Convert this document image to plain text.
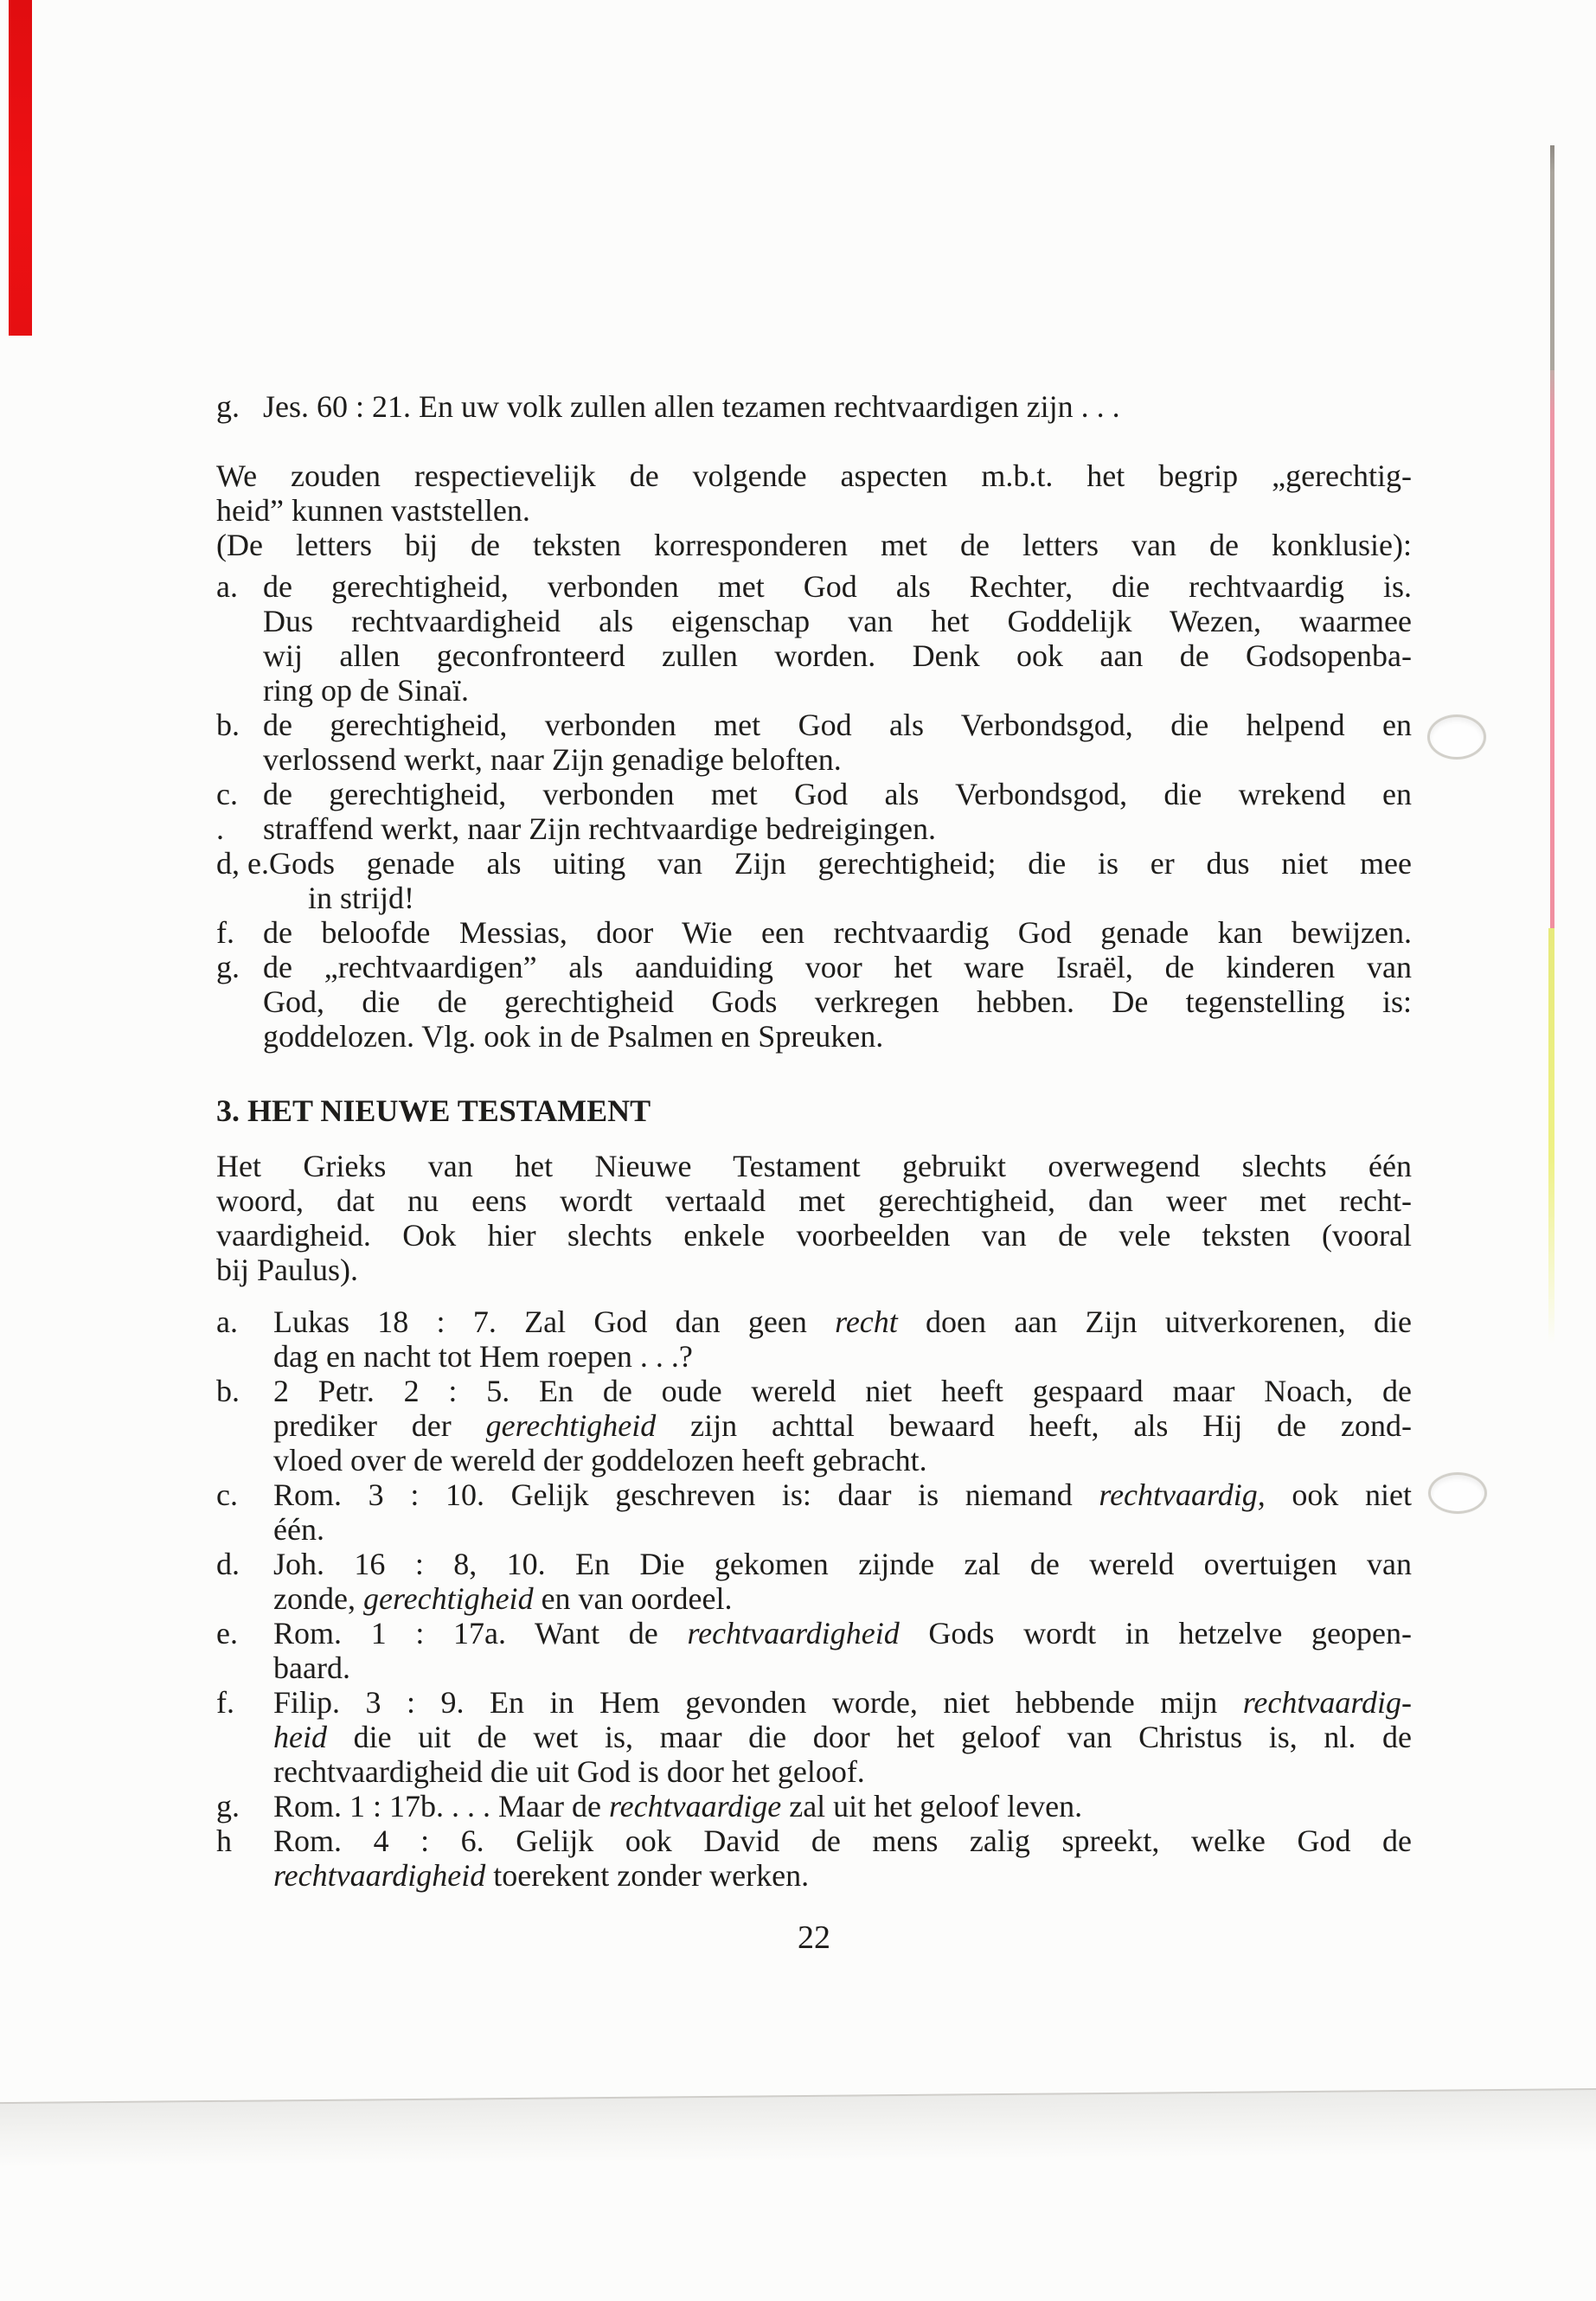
g. Jes. 60 : 21. En uw volk zullen allen tezamen rechtvaardigen zijn . . .
We zouden respectievelijk de volgende aspecten m.b.t. het begrip „gerechtig-
heid” kunnen vaststellen.
(De letters bij de teksten korresponderen met de letters van de konklusie):
a. de gerechtigheid, verbonden met God als Rechter, die rechtvaardig is.
Dus rechtvaardigheid als eigenschap van het Goddelijk Wezen, waarmee
wij allen geconfronteerd zullen worden. Denk ook aan de Godsopenba-
ring op de Sinaï.
b. de gerechtigheid, verbonden met God als Verbondsgod, die helpend en
verlossend werkt, naar Zijn genadige beloften.
c.
.
de gerechtigheid, verbonden met God als Verbondsgod, die wrekend en
straffend werkt, naar Zijn rechtvaardige bedreigingen.
d, e. Gods genade als uiting van Zijn gerechtigheid; die is er dus niet mee
in strijd!
f. de beloofde Messias, door Wie een rechtvaardig God genade kan bewijzen.
g. de „rechtvaardigen” als aanduiding voor het ware Israël, de kinderen van
God, die de gerechtigheid Gods verkregen hebben. De tegenstelling is:
goddelozen. Vlg. ook in de Psalmen en Spreuken.
3. HET NIEUWE TESTAMENT
Het Grieks van het Nieuwe Testament gebruikt overwegend slechts één
woord, dat nu eens wordt vertaald met gerechtigheid, dan weer met recht-
vaardigheid. Ook hier slechts enkele voorbeelden van de vele teksten (vooral
bij Paulus).
a.	Lukas 18 : 7. Zal God dan geen recht doen aan Zijn uitverkorenen, die
dag en nacht tot Hem roepen . . .?
b.	2 Petr. 2 : 5. En de oude wereld niet heeft gespaard maar Noach, de
prediker der gerechtigheid zijn achttal bewaard heeft, als Hij de zond-
vloed over de wereld der goddelozen heeft gebracht.
c.	Rom. 3 : 10. Gelijk geschreven is: daar is niemand rechtvaardig, ook niet
één.
d.	Joh. 16 : 8, 10. En Die gekomen zijnde zal de wereld overtuigen van
zonde, gerechtigheid en van oordeel.
e.	Rom. 1 : 17a. Want de rechtvaardigheid Gods wordt in hetzelve geopen-
baard.
f.	Filip. 3 : 9. En in Hem gevonden worde, niet hebbende mijn rechtvaardig-
heid die uit de wet is, maar die door het geloof van Christus is, nl. de
rechtvaardigheid die uit God is door het geloof.
g.	Rom. 1 : 17b. . . . Maar de rechtvaardige zal uit het geloof leven.
h	Rom. 4 : 6. Gelijk ook David de mens zalig spreekt, welke God de
rechtvaardigheid toerekent zonder werken.
22
